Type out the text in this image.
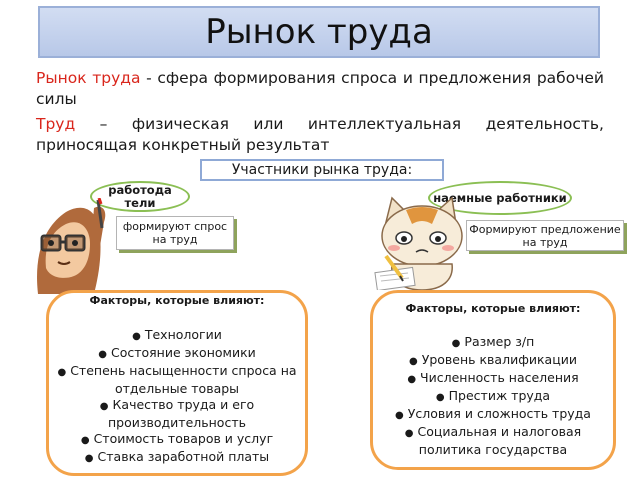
Рынок труда
Рынок труда - сфера формирования спроса и предложения рабочей силы
Труд – физическая или интеллектуальная деятельность, приносящая конкретный результат
Участники рынка труда:
работода тели	наемные работники
формируют спрос на труд
Формируют предложение на труд
Факторы, которые влияют:
● Технологии
● Состояние экономики
● Степень насыщенности спроса на отдельные товары
● Качество труда и его производительность
● Стоимость товаров и услуг
● Ставка заработной платы
Факторы, которые влияют:
● Размер з/п
● Уровень квалификации
● Численность населения
● Престиж труда
● Условия и сложность труда
● Социальная и налоговая политика государства
